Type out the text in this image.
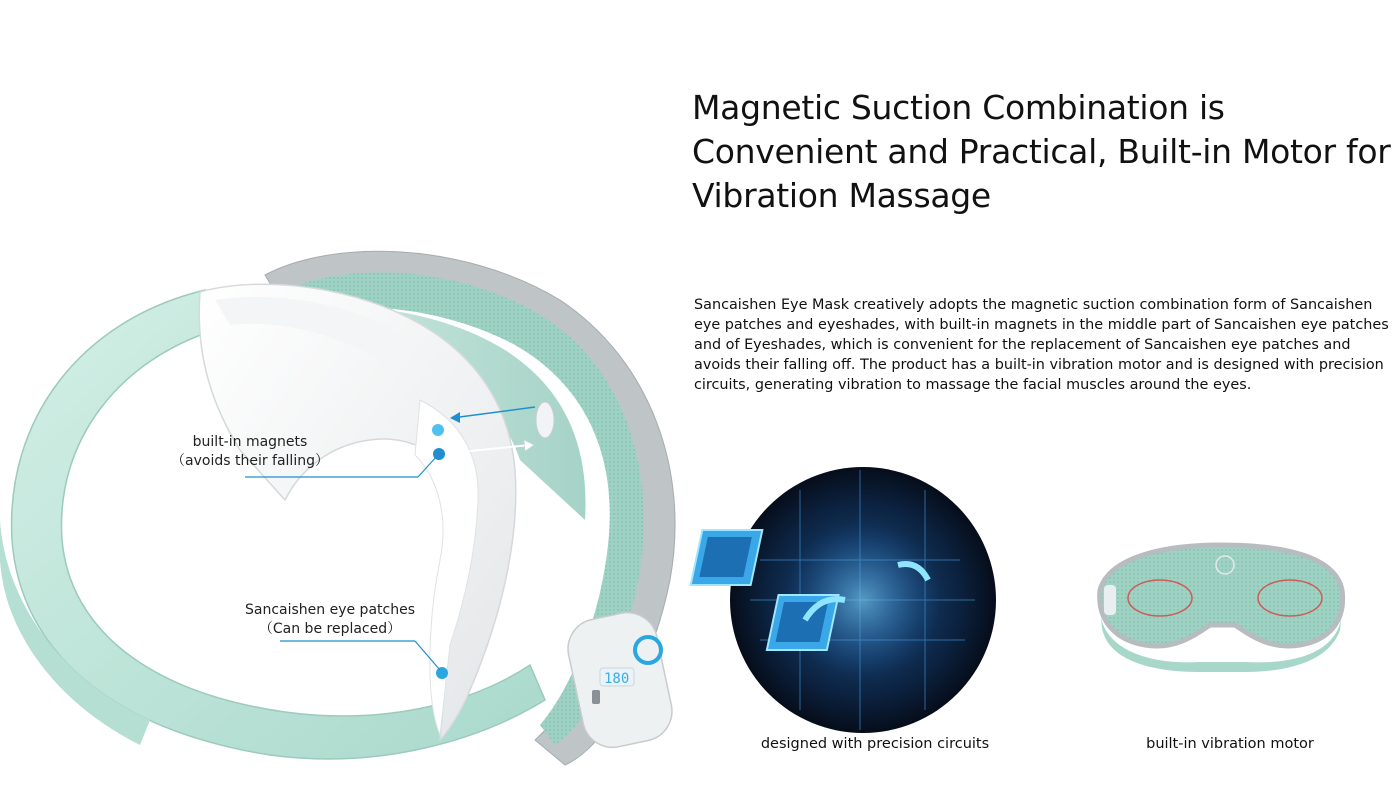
180
Magnetic Suction Combination is Convenient and Practical, Built-in Motor for Vibration Massage

Sancaishen Eye Mask creatively adopts the magnetic suction combination form of Sancaishen eye patches and eyeshades, with built-in magnets in the middle part of Sancaishen eye patches and of Eyeshades, which is convenient for the replacement of Sancaishen eye patches and avoids their falling off. The product has a built-in vibration motor and is designed with precision circuits, generating vibration to massage the facial muscles around the eyes.

built-in magnets
（avoids their falling）
Sancaishen eye patches
（Can be replaced）
designed with precision circuits	built-in vibration motor
